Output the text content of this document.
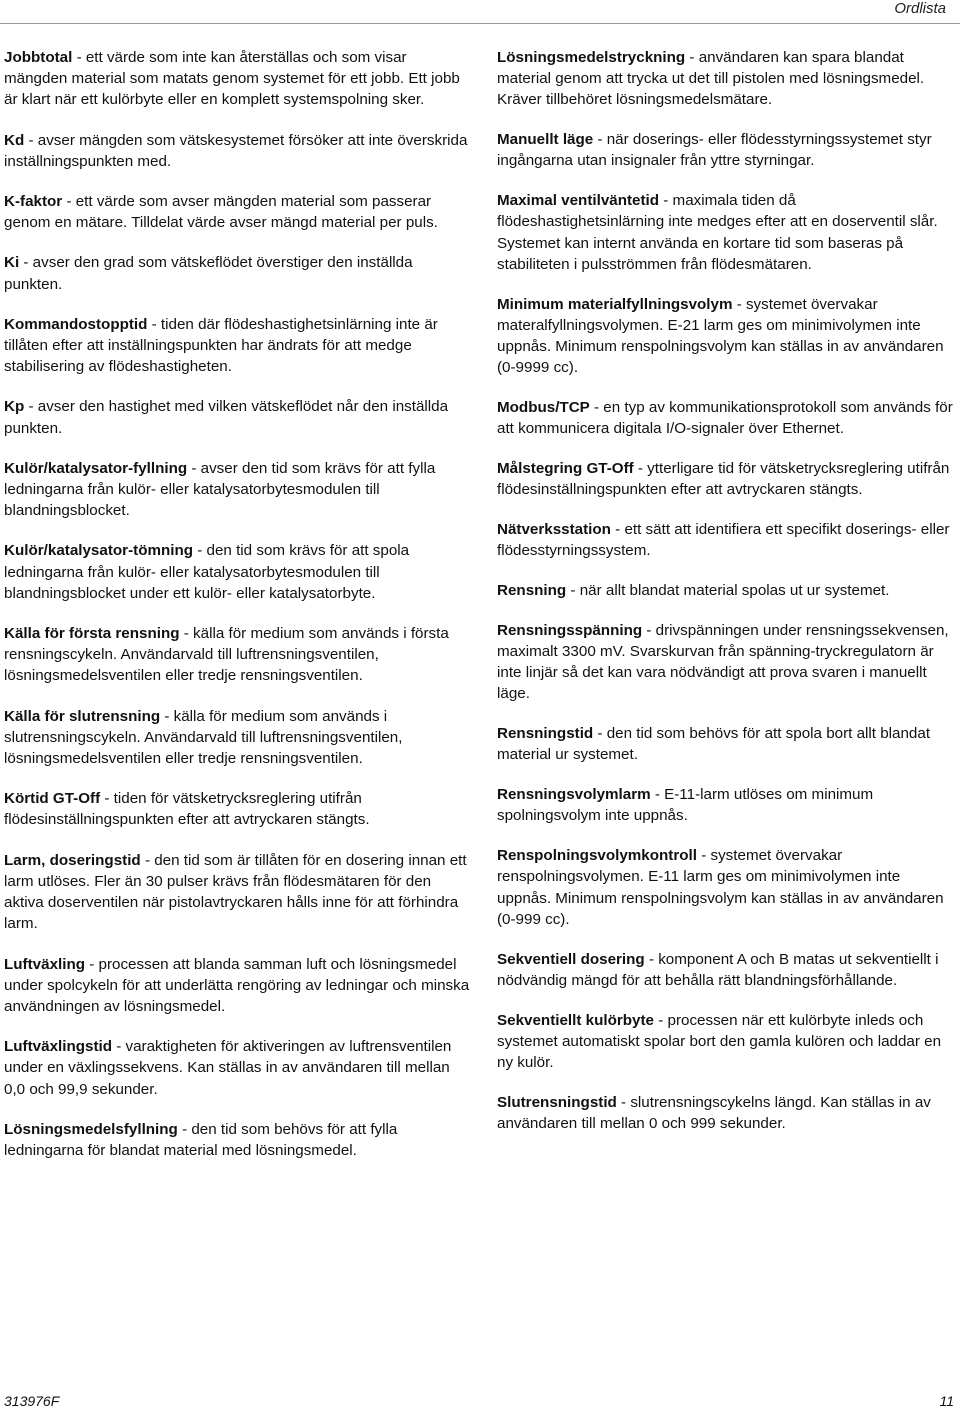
Ordlista

Jobbtotal - ett värde som inte kan återställas och som visar mängden material som matats genom systemet för ett jobb. Ett jobb är klart när ett kulörbyte eller en komplett systemspolning sker.

Kd - avser mängden som vätskesystemet försöker att inte överskrida inställningspunkten med.

K-faktor - ett värde som avser mängden material som passerar genom en mätare. Tilldelat värde avser mängd material per puls.

Ki - avser den grad som vätskeflödet överstiger den inställda punkten.

Kommandostopptid - tiden där flödeshastighetsinlärning inte är tillåten efter att inställningspunkten har ändrats för att medge stabilisering av flödeshastigheten.

Kp - avser den hastighet med vilken vätskeflödet når den inställda punkten.

Kulör/katalysator-fyllning - avser den tid som krävs för att fylla ledningarna från kulör- eller katalysatorbytesmodulen till blandningsblocket.

Kulör/katalysator-tömning - den tid som krävs för att spola ledningarna från kulör- eller katalysatorbytesmodulen till blandningsblocket under ett kulör- eller katalysatorbyte.

Källa för första rensning - källa för medium som används i första rensningscykeln. Användarvald till luftrensningsventilen, lösningsmedelsventilen eller tredje rensningsventilen.

Källa för slutrensning - källa för medium som används i slutrensningscykeln. Användarvald till luftrensningsventilen, lösningsmedelsventilen eller tredje rensningsventilen.

Körtid GT-Off - tiden för vätsketrycksreglering utifrån flödesinställningspunkten efter att avtryckaren stängts.

Larm, doseringstid - den tid som är tillåten för en dosering innan ett larm utlöses. Fler än 30 pulser krävs från flödesmätaren för den aktiva doserventilen när pistolavtryckaren hålls inne för att förhindra larm.

Luftväxling - processen att blanda samman luft och lösningsmedel under spolcykeln för att underlätta rengöring av ledningar och minska användningen av lösningsmedel.

Luftväxlingstid - varaktigheten för aktiveringen av luftrensventilen under en växlingssekvens. Kan ställas in av användaren till mellan 0,0 och 99,9 sekunder.

Lösningsmedelsfyllning - den tid som behövs för att fylla ledningarna för blandat material med lösningsmedel.

Lösningsmedelstryckning - användaren kan spara blandat material genom att trycka ut det till pistolen med lösningsmedel. Kräver tillbehöret lösningsmedelsmätare.

Manuellt läge - när doserings- eller flödesstyrningssystemet styr ingångarna utan insignaler från yttre styrningar.

Maximal ventilväntetid - maximala tiden då flödeshastighetsinlärning inte medges efter att en doserventil slår. Systemet kan internt använda en kortare tid som baseras på stabiliteten i pulsströmmen från flödesmätaren.

Minimum materialfyllningsvolym - systemet övervakar materalfyllningsvolymen. E-21 larm ges om minimivolymen inte uppnås. Minimum renspolningsvolym kan ställas in av användaren (0-9999 cc).

Modbus/TCP - en typ av kommunikationsprotokoll som används för att kommunicera digitala I/O-signaler över Ethernet.

Målstegring GT-Off - ytterligare tid för vätsketrycksreglering utifrån flödesinställningspunkten efter att avtryckaren stängts.

Nätverksstation - ett sätt att identifiera ett specifikt doserings- eller flödesstyrningssystem.

Rensning - när allt blandat material spolas ut ur systemet.

Rensningsspänning - drivspänningen under rensningssekvensen, maximalt 3300 mV. Svarskurvan från spänning-tryckregulatorn är inte linjär så det kan vara nödvändigt att prova svaren i manuellt läge.

Rensningstid - den tid som behövs för att spola bort allt blandat material ur systemet.

Rensningsvolymlarm - E-11-larm utlöses om minimum spolningsvolym inte uppnås.

Renspolningsvolymkontroll - systemet övervakar renspolningsvolymen. E-11 larm ges om minimivolymen inte uppnås. Minimum renspolningsvolym kan ställas in av användaren (0-999 cc).

Sekventiell dosering - komponent A och B matas ut sekventiellt i nödvändig mängd för att behålla rätt blandningsförhållande.

Sekventiellt kulörbyte - processen när ett kulörbyte inleds och systemet automatiskt spolar bort den gamla kulören och laddar en ny kulör.

Slutrensningstid - slutrensningscykelns längd. Kan ställas in av användaren till mellan 0 och 999 sekunder.

313976F	11
